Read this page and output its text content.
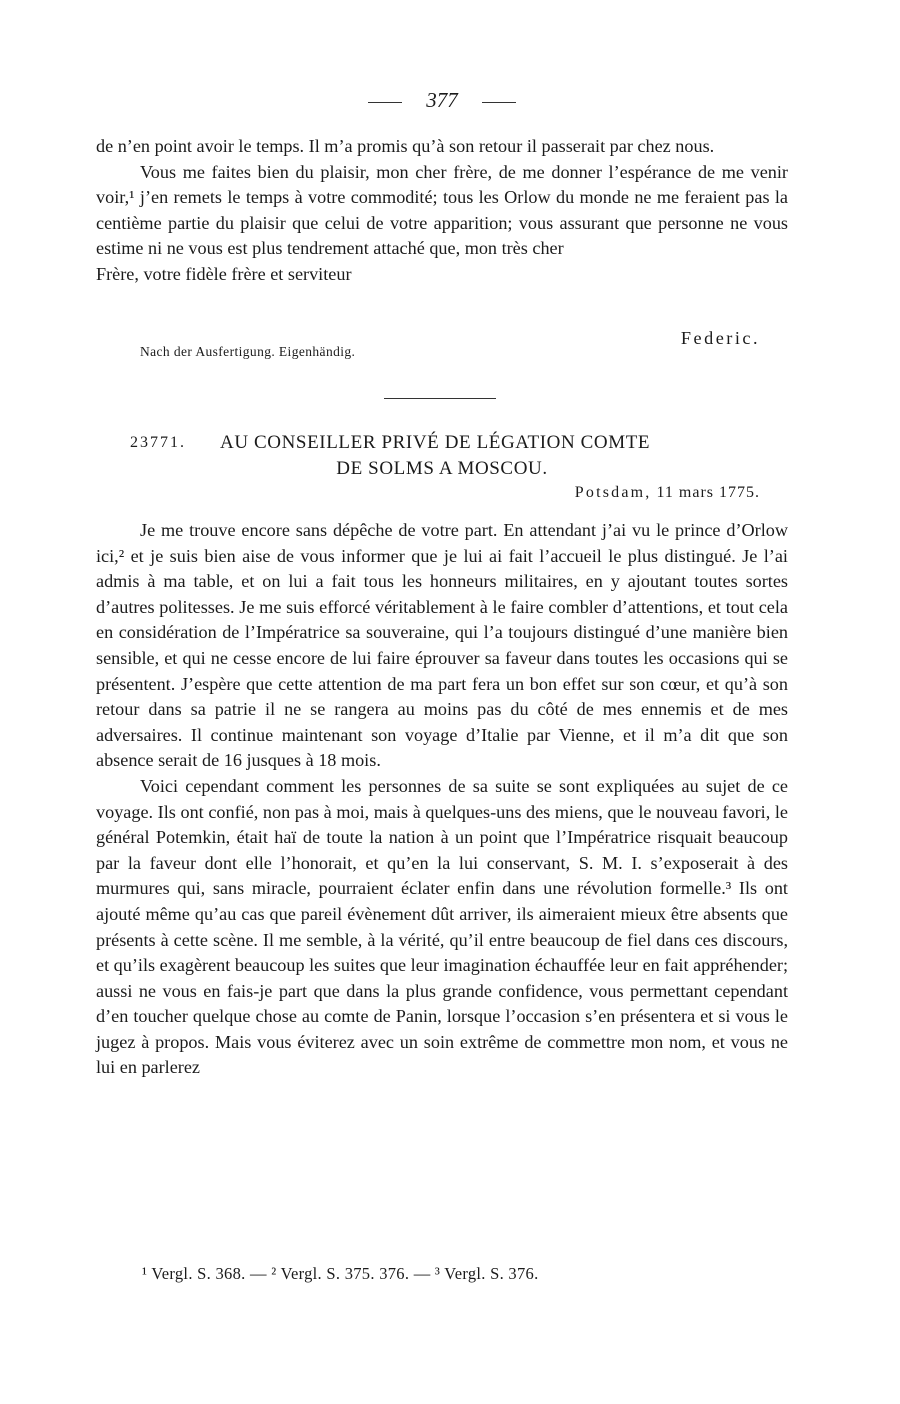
377

de n’en point avoir le temps. Il m’a promis qu’à son retour il passerait par chez nous.

Vous me faites bien du plaisir, mon cher frère, de me donner l’espérance de me venir voir,¹ j’en remets le temps à votre commodité; tous les Orlow du monde ne me feraient pas la centième partie du plaisir que celui de votre apparition; vous assurant que personne ne vous estime ni ne vous est plus tendrement attaché que, mon très cher

Frère, votre fidèle frère et serviteur
Federic.
Nach der Ausfertigung. Eigenhändig.
23771. AU CONSEILLER PRIVÉ DE LÉGATION COMTE
DE SOLMS A MOSCOU.
Potsdam, 11 mars 1775.

Je me trouve encore sans dépêche de votre part. En attendant j’ai vu le prince d’Orlow ici,² et je suis bien aise de vous informer que je lui ai fait l’accueil le plus distingué. Je l’ai admis à ma table, et on lui a fait tous les honneurs militaires, en y ajoutant toutes sortes d’autres politesses. Je me suis efforcé véritablement à le faire combler d’attentions, et tout cela en considération de l’Impératrice sa souveraine, qui l’a toujours distingué d’une manière bien sensible, et qui ne cesse encore de lui faire éprouver sa faveur dans toutes les occasions qui se présentent. J’espère que cette attention de ma part fera un bon effet sur son cœur, et qu’à son retour dans sa patrie il ne se rangera au moins pas du côté de mes ennemis et de mes adversaires. Il continue maintenant son voyage d’Italie par Vienne, et il m’a dit que son absence serait de 16 jusques à 18 mois.

Voici cependant comment les personnes de sa suite se sont expliquées au sujet de ce voyage. Ils ont confié, non pas à moi, mais à quelques-uns des miens, que le nouveau favori, le général Potemkin, était haï de toute la nation à un point que l’Impératrice risquait beaucoup par la faveur dont elle l’honorait, et qu’en la lui conservant, S. M. I. s’exposerait à des murmures qui, sans miracle, pourraient éclater enfin dans une révolution formelle.³ Ils ont ajouté même qu’au cas que pareil évènement dût arriver, ils aimeraient mieux être absents que présents à cette scène. Il me semble, à la vérité, qu’il entre beaucoup de fiel dans ces discours, et qu’ils exagèrent beaucoup les suites que leur imagination échauffée leur en fait appréhender; aussi ne vous en fais-je part que dans la plus grande confidence, vous permettant cependant d’en toucher quelque chose au comte de Panin, lorsque l’occasion s’en présentera et si vous le jugez à propos. Mais vous éviterez avec un soin extrême de commettre mon nom, et vous ne lui en parlerez

¹ Vergl. S. 368. — ² Vergl. S. 375. 376. — ³ Vergl. S. 376.
